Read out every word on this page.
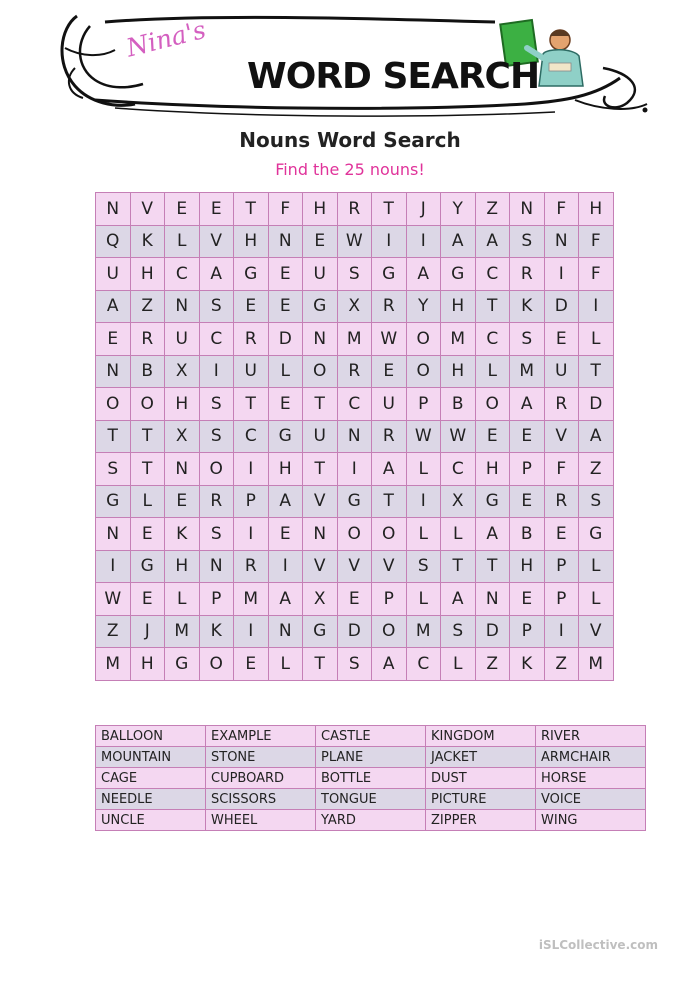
Nina's
WORD SEARCH
Nouns Word Search
Find the 25 nouns!
N	V	E	E	T	F	H	R	T	J	Y	Z	N	F	H
Q	K	L	V	H	N	E	W	I	I	A	A	S	N	F
U	H	C	A	G	E	U	S	G	A	G	C	R	I	F
A	Z	N	S	E	E	G	X	R	Y	H	T	K	D	I
E	R	U	C	R	D	N	M	W	O	M	C	S	E	L
N	B	X	I	U	L	O	R	E	O	H	L	M	U	T
O	O	H	S	T	E	T	C	U	P	B	O	A	R	D
T	T	X	S	C	G	U	N	R	W	W	E	E	V	A
S	T	N	O	I	H	T	I	A	L	C	H	P	F	Z
G	L	E	R	P	A	V	G	T	I	X	G	E	R	S
N	E	K	S	I	E	N	O	O	L	L	A	B	E	G
I	G	H	N	R	I	V	V	V	S	T	T	H	P	L
W	E	L	P	M	A	X	E	P	L	A	N	E	P	L
Z	J	M	K	I	N	G	D	O	M	S	D	P	I	V
M	H	G	O	E	L	T	S	A	C	L	Z	K	Z	M
BALLOON	EXAMPLE	CASTLE	KINGDOM	RIVER
MOUNTAIN	STONE	PLANE	JACKET	ARMCHAIR
CAGE	CUPBOARD	BOTTLE	DUST	HORSE
NEEDLE	SCISSORS	TONGUE	PICTURE	VOICE
UNCLE	WHEEL	YARD	ZIPPER	WING
iSLCollective.com
